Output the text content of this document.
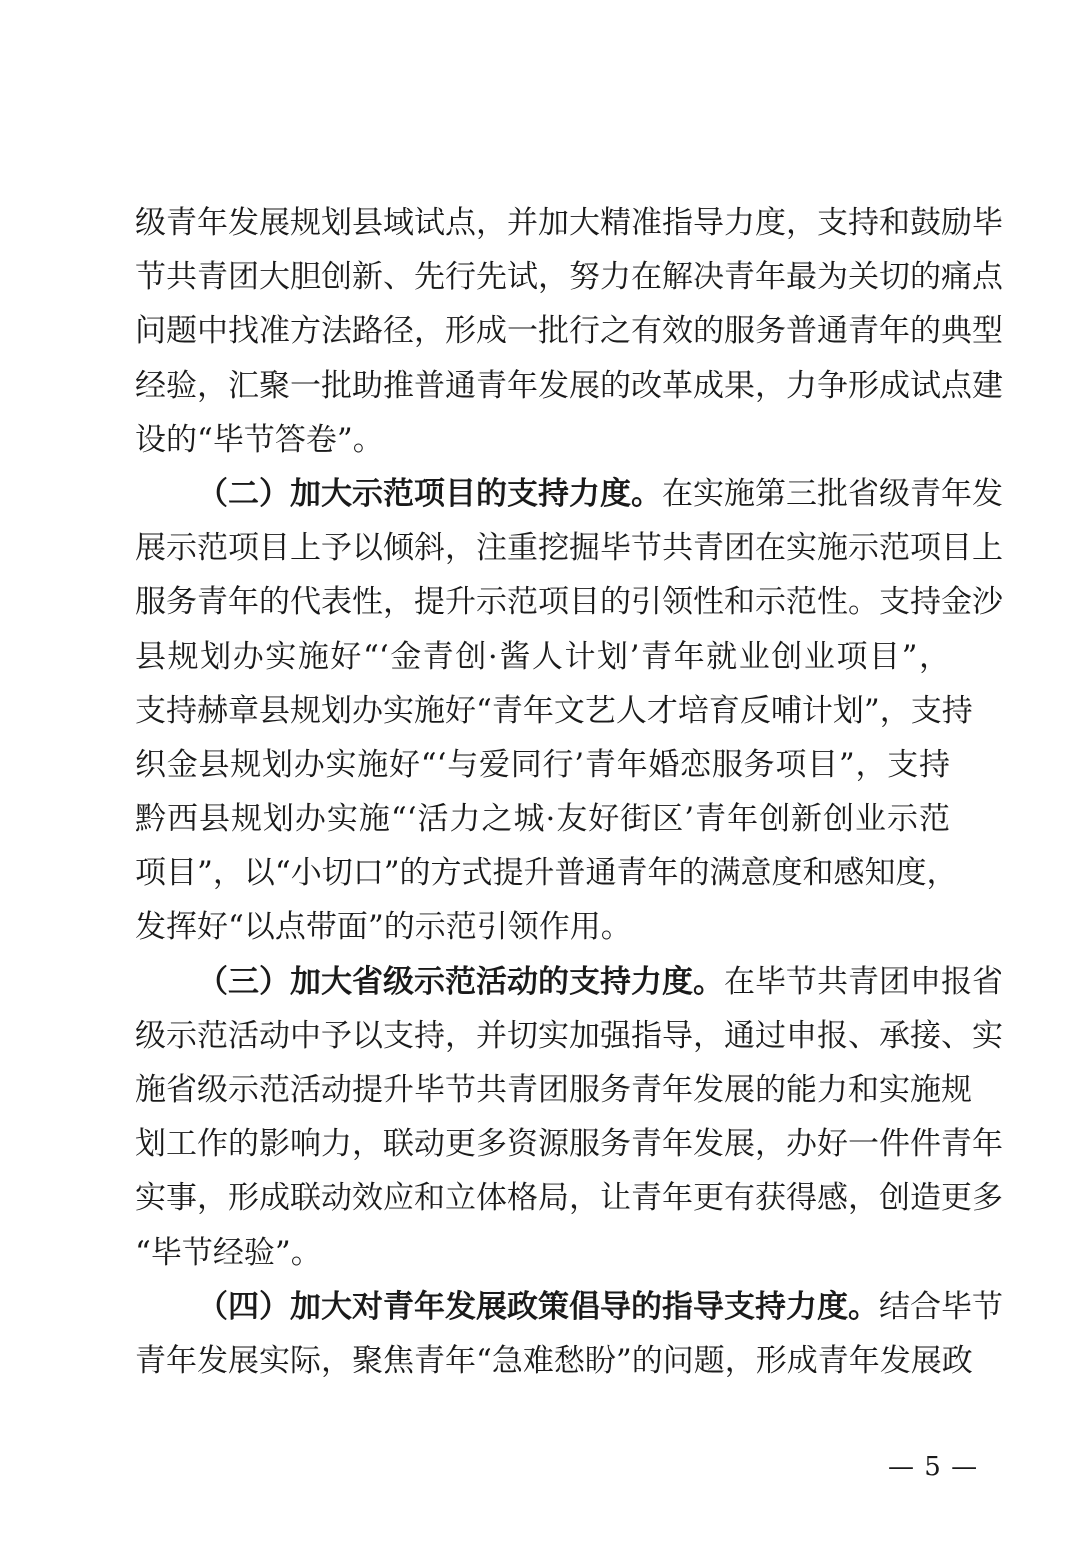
级青年发展规划县域试点，并加大精准指导力度，支持和鼓励毕
节共青团大胆创新、先行先试，努力在解决青年最为关切的痛点
问题中找准方法路径，形成一批行之有效的服务普通青年的典型
经验，汇聚一批助推普通青年发展的改革成果，力争形成试点建
设的“毕节答卷”。
（二）加大示范项目的支持力度。在实施第三批省级青年发
展示范项目上予以倾斜，注重挖掘毕节共青团在实施示范项目上
服务青年的代表性，提升示范项目的引领性和示范性。支持金沙
县规划办实施好“‘金青创·酱人计划’青年就业创业项目”，
支持赫章县规划办实施好“青年文艺人才培育反哺计划”，支持
织金县规划办实施好“‘与爱同行’青年婚恋服务项目”，支持
黔西县规划办实施“‘活力之城·友好街区’青年创新创业示范
项目”，以“小切口”的方式提升普通青年的满意度和感知度，
发挥好“以点带面”的示范引领作用。
（三）加大省级示范活动的支持力度。在毕节共青团申报省
级示范活动中予以支持，并切实加强指导，通过申报、承接、实
施省级示范活动提升毕节共青团服务青年发展的能力和实施规
划工作的影响力，联动更多资源服务青年发展，办好一件件青年
实事，形成联动效应和立体格局，让青年更有获得感，创造更多
“毕节经验”。
（四）加大对青年发展政策倡导的指导支持力度。结合毕节
青年发展实际，聚焦青年“急难愁盼”的问题，形成青年发展政
— 5 —
